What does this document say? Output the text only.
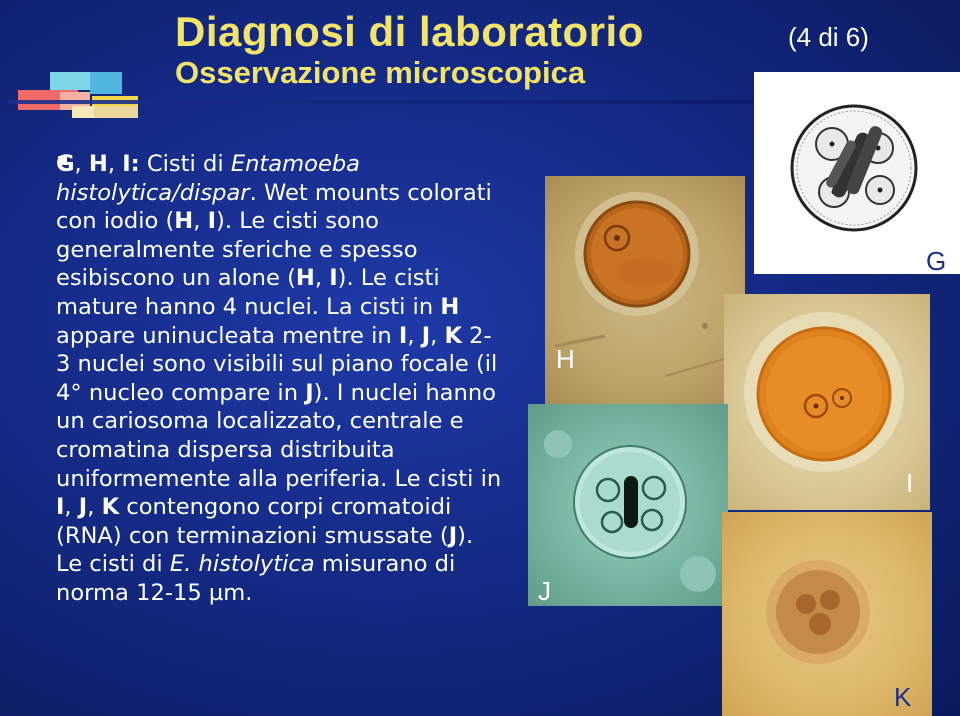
Diagnosi di laboratorio
Osservazione microscopica
(4 di 6)
G, H, I: Cisti di Entamoeba histolytica/dispar. Wet mounts colorati con iodio (H, I). Le cisti sono generalmente sferiche e spesso esibiscono un alone (H, I). Le cisti mature hanno 4 nuclei. La cisti in H appare uninucleata mentre in I, J, K 2-3 nuclei sono visibili sul piano focale (il 4° nucleo compare in J). I nuclei hanno un cariosoma localizzato, centrale e cromatina dispersa distribuita uniformemente alla periferia. Le cisti in I, J, K contengono corpi cromatoidi (RNA) con terminazioni smussate (J). Le cisti di E. histolytica misurano di norma 12-15 µm.
G
H
I
J
K
